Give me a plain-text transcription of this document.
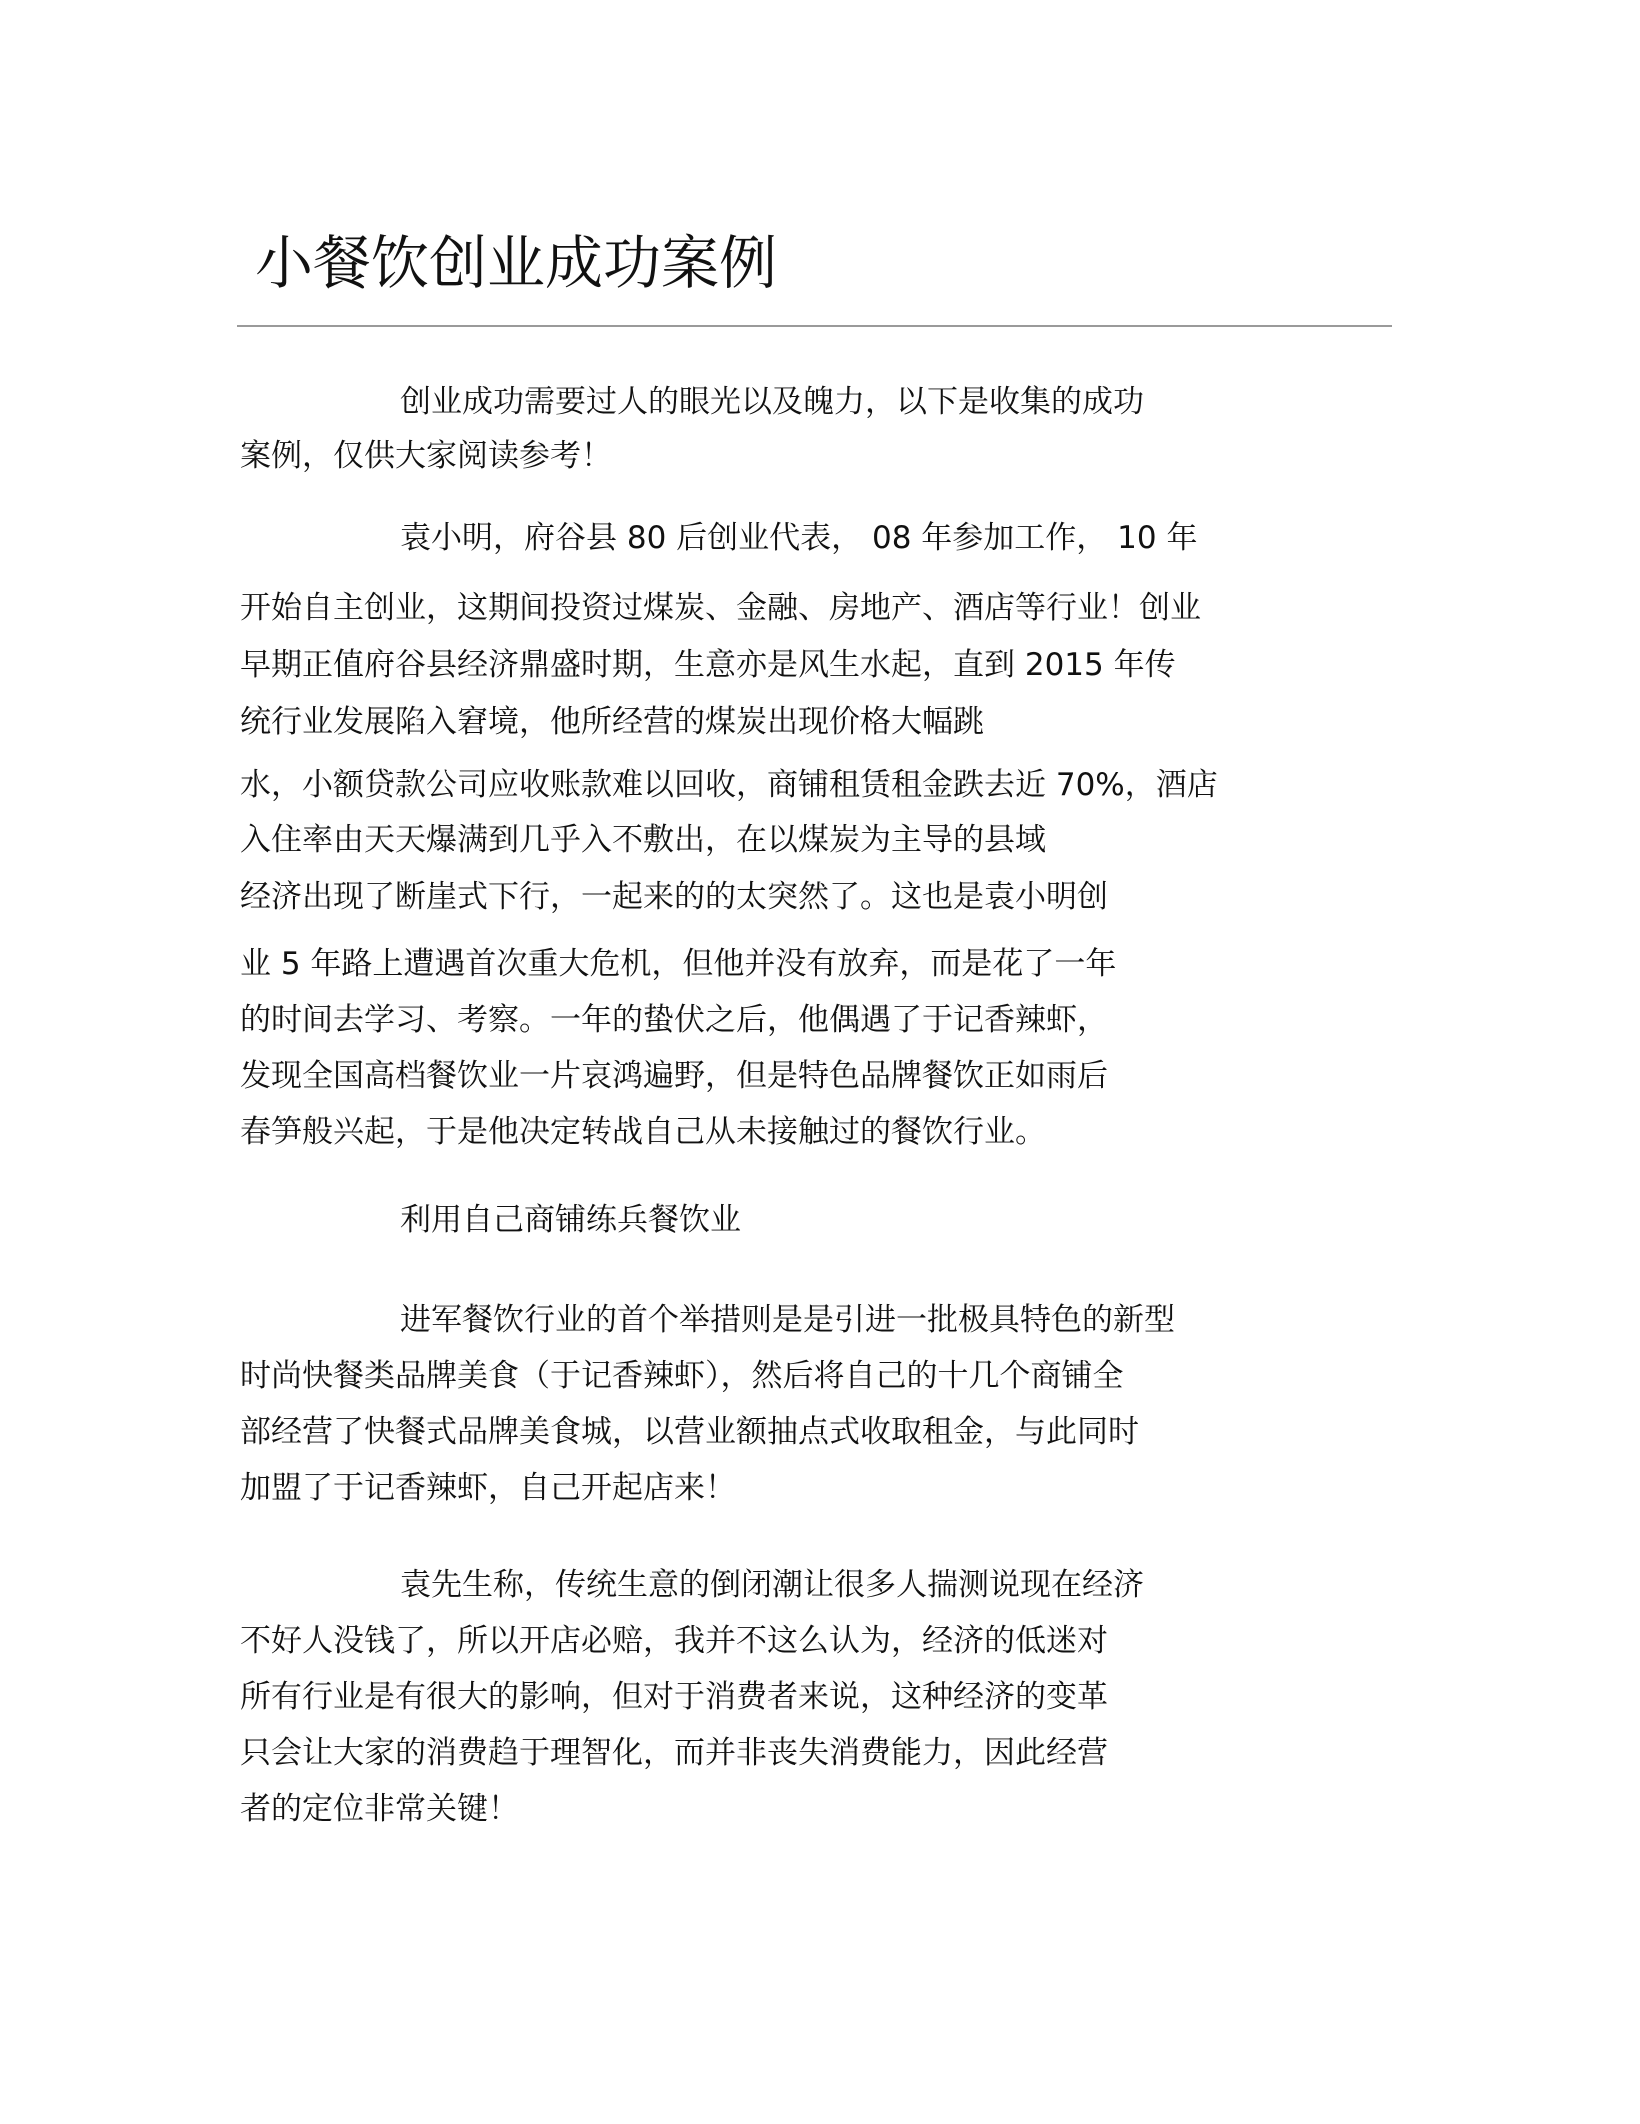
小餐饮创业成功案例
创业成功需要过人的眼光以及魄力，以下是收集的成功
案例，仅供大家阅读参考！
袁小明，府谷县 80 后创业代表， 08 年参加工作， 10 年
开始自主创业，这期间投资过煤炭、金融、房地产、酒店等行业！创业
早期正值府谷县经济鼎盛时期，生意亦是风生水起，直到 2015 年传
统行业发展陷入窘境，他所经营的煤炭出现价格大幅跳
水，小额贷款公司应收账款难以回收，商铺租赁租金跌去近 70%，酒店
入住率由天天爆满到几乎入不敷出，在以煤炭为主导的县域
经济出现了断崖式下行，一起来的的太突然了。这也是袁小明创
业 5 年路上遭遇首次重大危机，但他并没有放弃，而是花了一年
的时间去学习、考察。一年的蛰伏之后，他偶遇了于记香辣虾，
发现全国高档餐饮业一片哀鸿遍野，但是特色品牌餐饮正如雨后
春笋般兴起，于是他决定转战自己从未接触过的餐饮行业。
利用自己商铺练兵餐饮业
进军餐饮行业的首个举措则是是引进一批极具特色的新型
时尚快餐类品牌美食（于记香辣虾），然后将自己的十几个商铺全
部经营了快餐式品牌美食城，以营业额抽点式收取租金，与此同时
加盟了于记香辣虾，自己开起店来！
袁先生称，传统生意的倒闭潮让很多人揣测说现在经济
不好人没钱了，所以开店必赔，我并不这么认为，经济的低迷对
所有行业是有很大的影响，但对于消费者来说，这种经济的变革
只会让大家的消费趋于理智化，而并非丧失消费能力，因此经营
者的定位非常关键！
